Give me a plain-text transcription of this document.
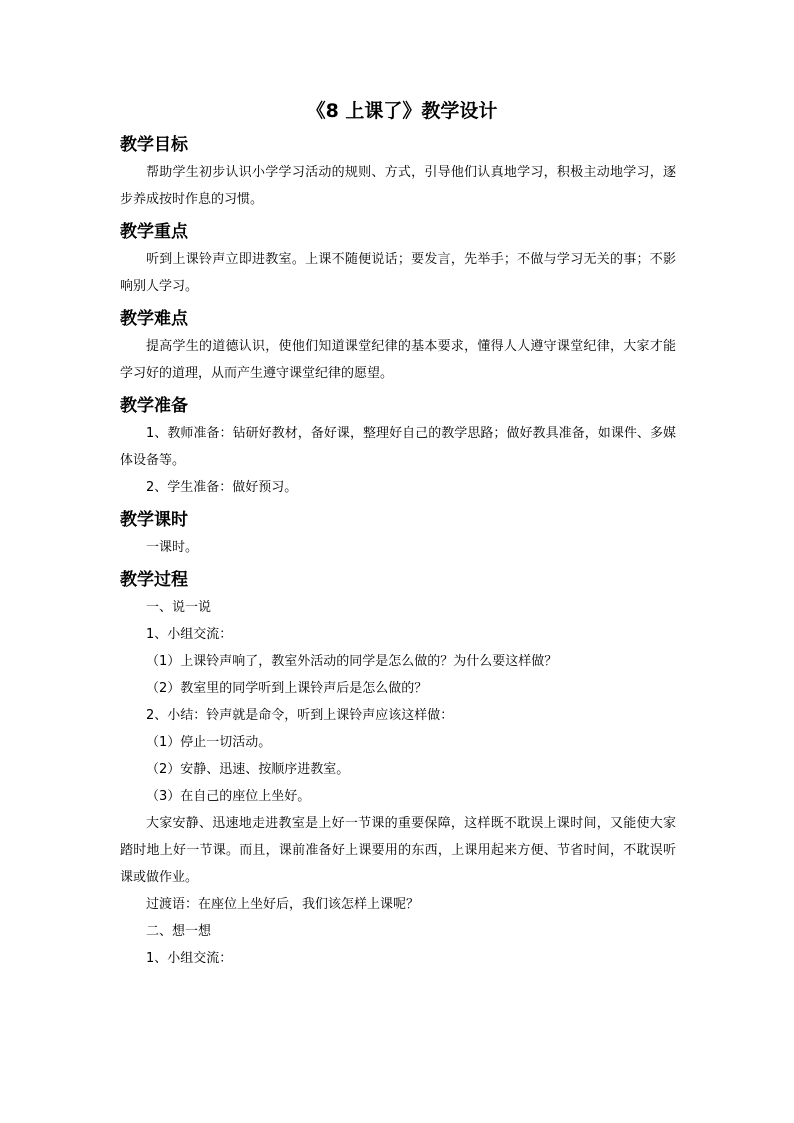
《8 上课了》教学设计
教学目标

帮助学生初步认识小学学习活动的规则、方式，引导他们认真地学习，积极主动地学习，逐步养成按时作息的习惯。

教学重点

听到上课铃声立即进教室。上课不随便说话；要发言，先举手；不做与学习无关的事；不影响别人学习。

教学难点

提高学生的道德认识，使他们知道课堂纪律的基本要求，懂得人人遵守课堂纪律，大家才能学习好的道理，从而产生遵守课堂纪律的愿望。

教学准备

1、教师准备：钻研好教材，备好课，整理好自己的教学思路；做好教具准备，如课件、多媒体设备等。

2、学生准备：做好预习。

教学课时

一课时。

教学过程

一、说一说

1、小组交流：

（1）上课铃声响了，教室外活动的同学是怎么做的？为什么要这样做？

（2）教室里的同学听到上课铃声后是怎么做的？

2、小结：铃声就是命令，听到上课铃声应该这样做：

（1）停止一切活动。

（2）安静、迅速、按顺序进教室。

（3）在自己的座位上坐好。

大家安静、迅速地走进教室是上好一节课的重要保障，这样既不耽误上课时间，又能使大家踏时地上好一节课。而且，课前准备好上课要用的东西，上课用起来方便、节省时间，不耽误听课或做作业。

过渡语：在座位上坐好后，我们该怎样上课呢？

二、想一想

1、小组交流：
